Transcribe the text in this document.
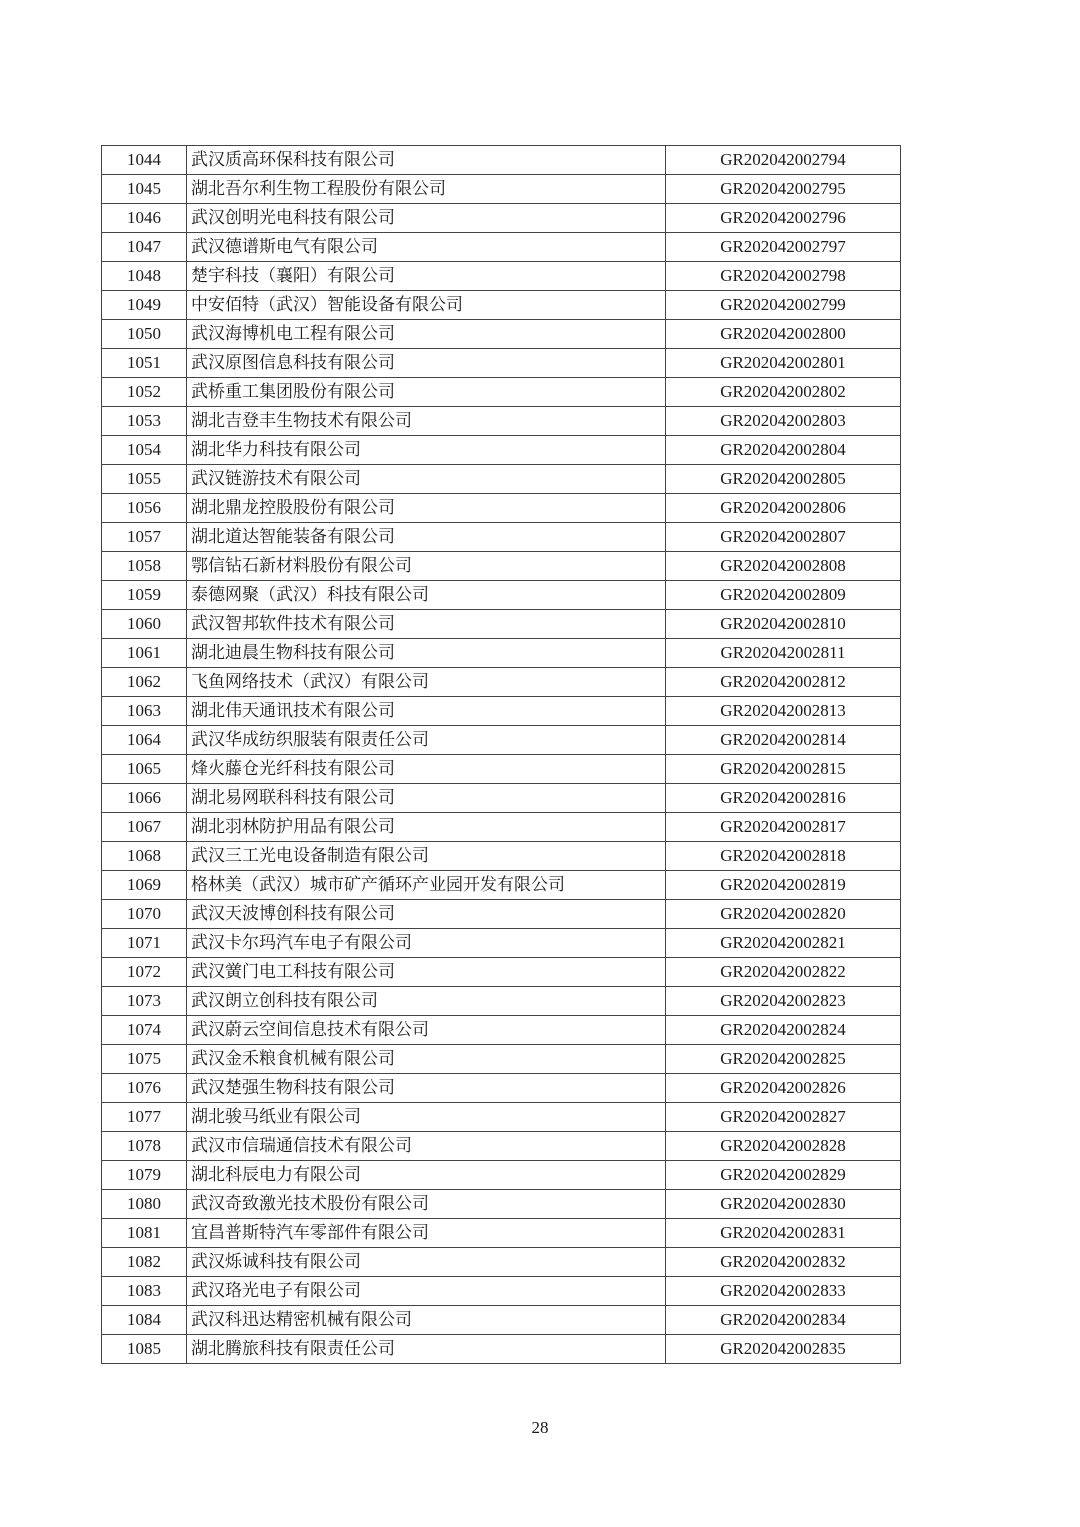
1044	武汉质高环保科技有限公司	GR202042002794
1045	湖北吾尔利生物工程股份有限公司	GR202042002795
1046	武汉创明光电科技有限公司	GR202042002796
1047	武汉德谱斯电气有限公司	GR202042002797
1048	楚宇科技（襄阳）有限公司	GR202042002798
1049	中安佰特（武汉）智能设备有限公司	GR202042002799
1050	武汉海博机电工程有限公司	GR202042002800
1051	武汉原图信息科技有限公司	GR202042002801
1052	武桥重工集团股份有限公司	GR202042002802
1053	湖北吉登丰生物技术有限公司	GR202042002803
1054	湖北华力科技有限公司	GR202042002804
1055	武汉链游技术有限公司	GR202042002805
1056	湖北鼎龙控股股份有限公司	GR202042002806
1057	湖北道达智能装备有限公司	GR202042002807
1058	鄂信钻石新材料股份有限公司	GR202042002808
1059	泰德网聚（武汉）科技有限公司	GR202042002809
1060	武汉智邦软件技术有限公司	GR202042002810
1061	湖北迪晨生物科技有限公司	GR202042002811
1062	飞鱼网络技术（武汉）有限公司	GR202042002812
1063	湖北伟天通讯技术有限公司	GR202042002813
1064	武汉华成纺织服装有限责任公司	GR202042002814
1065	烽火藤仓光纤科技有限公司	GR202042002815
1066	湖北易网联科科技有限公司	GR202042002816
1067	湖北羽林防护用品有限公司	GR202042002817
1068	武汉三工光电设备制造有限公司	GR202042002818
1069	格林美（武汉）城市矿产循环产业园开发有限公司	GR202042002819
1070	武汉天波博创科技有限公司	GR202042002820
1071	武汉卡尔玛汽车电子有限公司	GR202042002821
1072	武汉黉门电工科技有限公司	GR202042002822
1073	武汉朗立创科技有限公司	GR202042002823
1074	武汉蔚云空间信息技术有限公司	GR202042002824
1075	武汉金禾粮食机械有限公司	GR202042002825
1076	武汉楚强生物科技有限公司	GR202042002826
1077	湖北骏马纸业有限公司	GR202042002827
1078	武汉市信瑞通信技术有限公司	GR202042002828
1079	湖北科辰电力有限公司	GR202042002829
1080	武汉奇致激光技术股份有限公司	GR202042002830
1081	宜昌普斯特汽车零部件有限公司	GR202042002831
1082	武汉烁诚科技有限公司	GR202042002832
1083	武汉珞光电子有限公司	GR202042002833
1084	武汉科迅达精密机械有限公司	GR202042002834
1085	湖北腾旅科技有限责任公司	GR202042002835
28
